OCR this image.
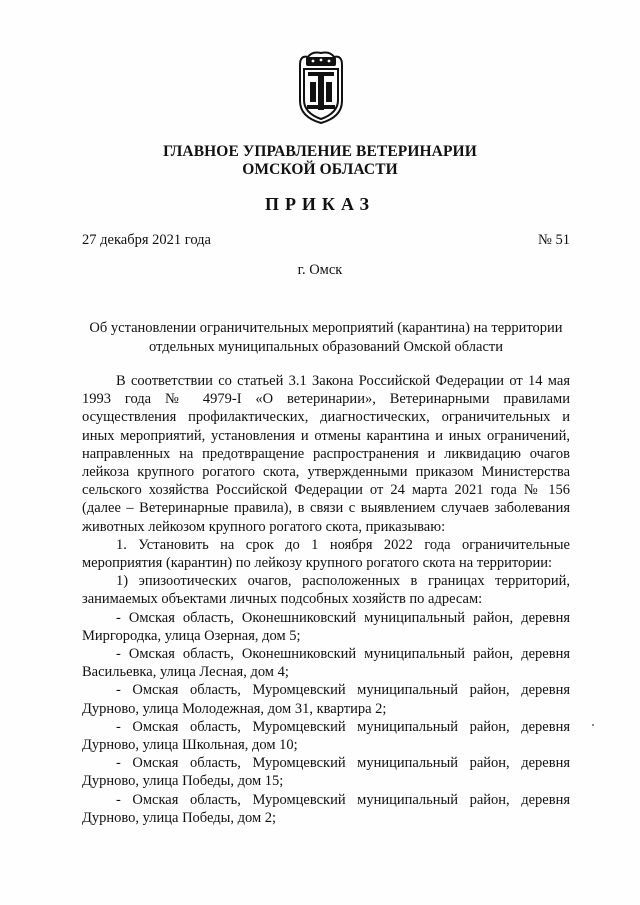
ГЛАВНОЕ УПРАВЛЕНИЕ ВЕТЕРИНАРИИ
ОМСКОЙ ОБЛАСТИ
ПРИКАЗ
27 декабря 2021 года	№ 51
г. Омск
Об установлении ограничительных мероприятий (карантина) на территории
отдельных муниципальных образований Омской области

В соответствии со статьей 3.1 Закона Российской Федерации от 14 мая 1993 года № 4979-I «О ветеринарии», Ветеринарными правилами осуществления профилактических, диагностических, ограничительных и иных мероприятий, установления и отмены карантина и иных ограничений, направленных на предотвращение распространения и ликвидацию очагов лейкоза крупного рогатого скота, утвержденными приказом Министерства сельского хозяйства Российской Федерации от 24 марта 2021 года № 156 (далее – Ветеринарные правила), в связи с выявлением случаев заболевания животных лейкозом крупного рогатого скота, приказываю:

1. Установить на срок до 1 ноября 2022 года ограничительные мероприятия (карантин) по лейкозу крупного рогатого скота на территории:

1) эпизоотических очагов, расположенных в границах территорий, занимаемых объектами личных подсобных хозяйств по адресам:

- Омская область, Оконешниковский муниципальный район, деревня Миргородка, улица Озерная, дом 5;

- Омская область, Оконешниковский муниципальный район, деревня Васильевка, улица Лесная, дом 4;

- Омская область, Муромцевский муниципальный район, деревня Дурново, улица Молодежная, дом 31, квартира 2;

- Омская область, Муромцевский муниципальный район, деревня Дурново, улица Школьная, дом 10;

- Омская область, Муромцевский муниципальный район, деревня Дурново, улица Победы, дом 15;

- Омская область, Муромцевский муниципальный район, деревня Дурново, улица Победы, дом 2;
